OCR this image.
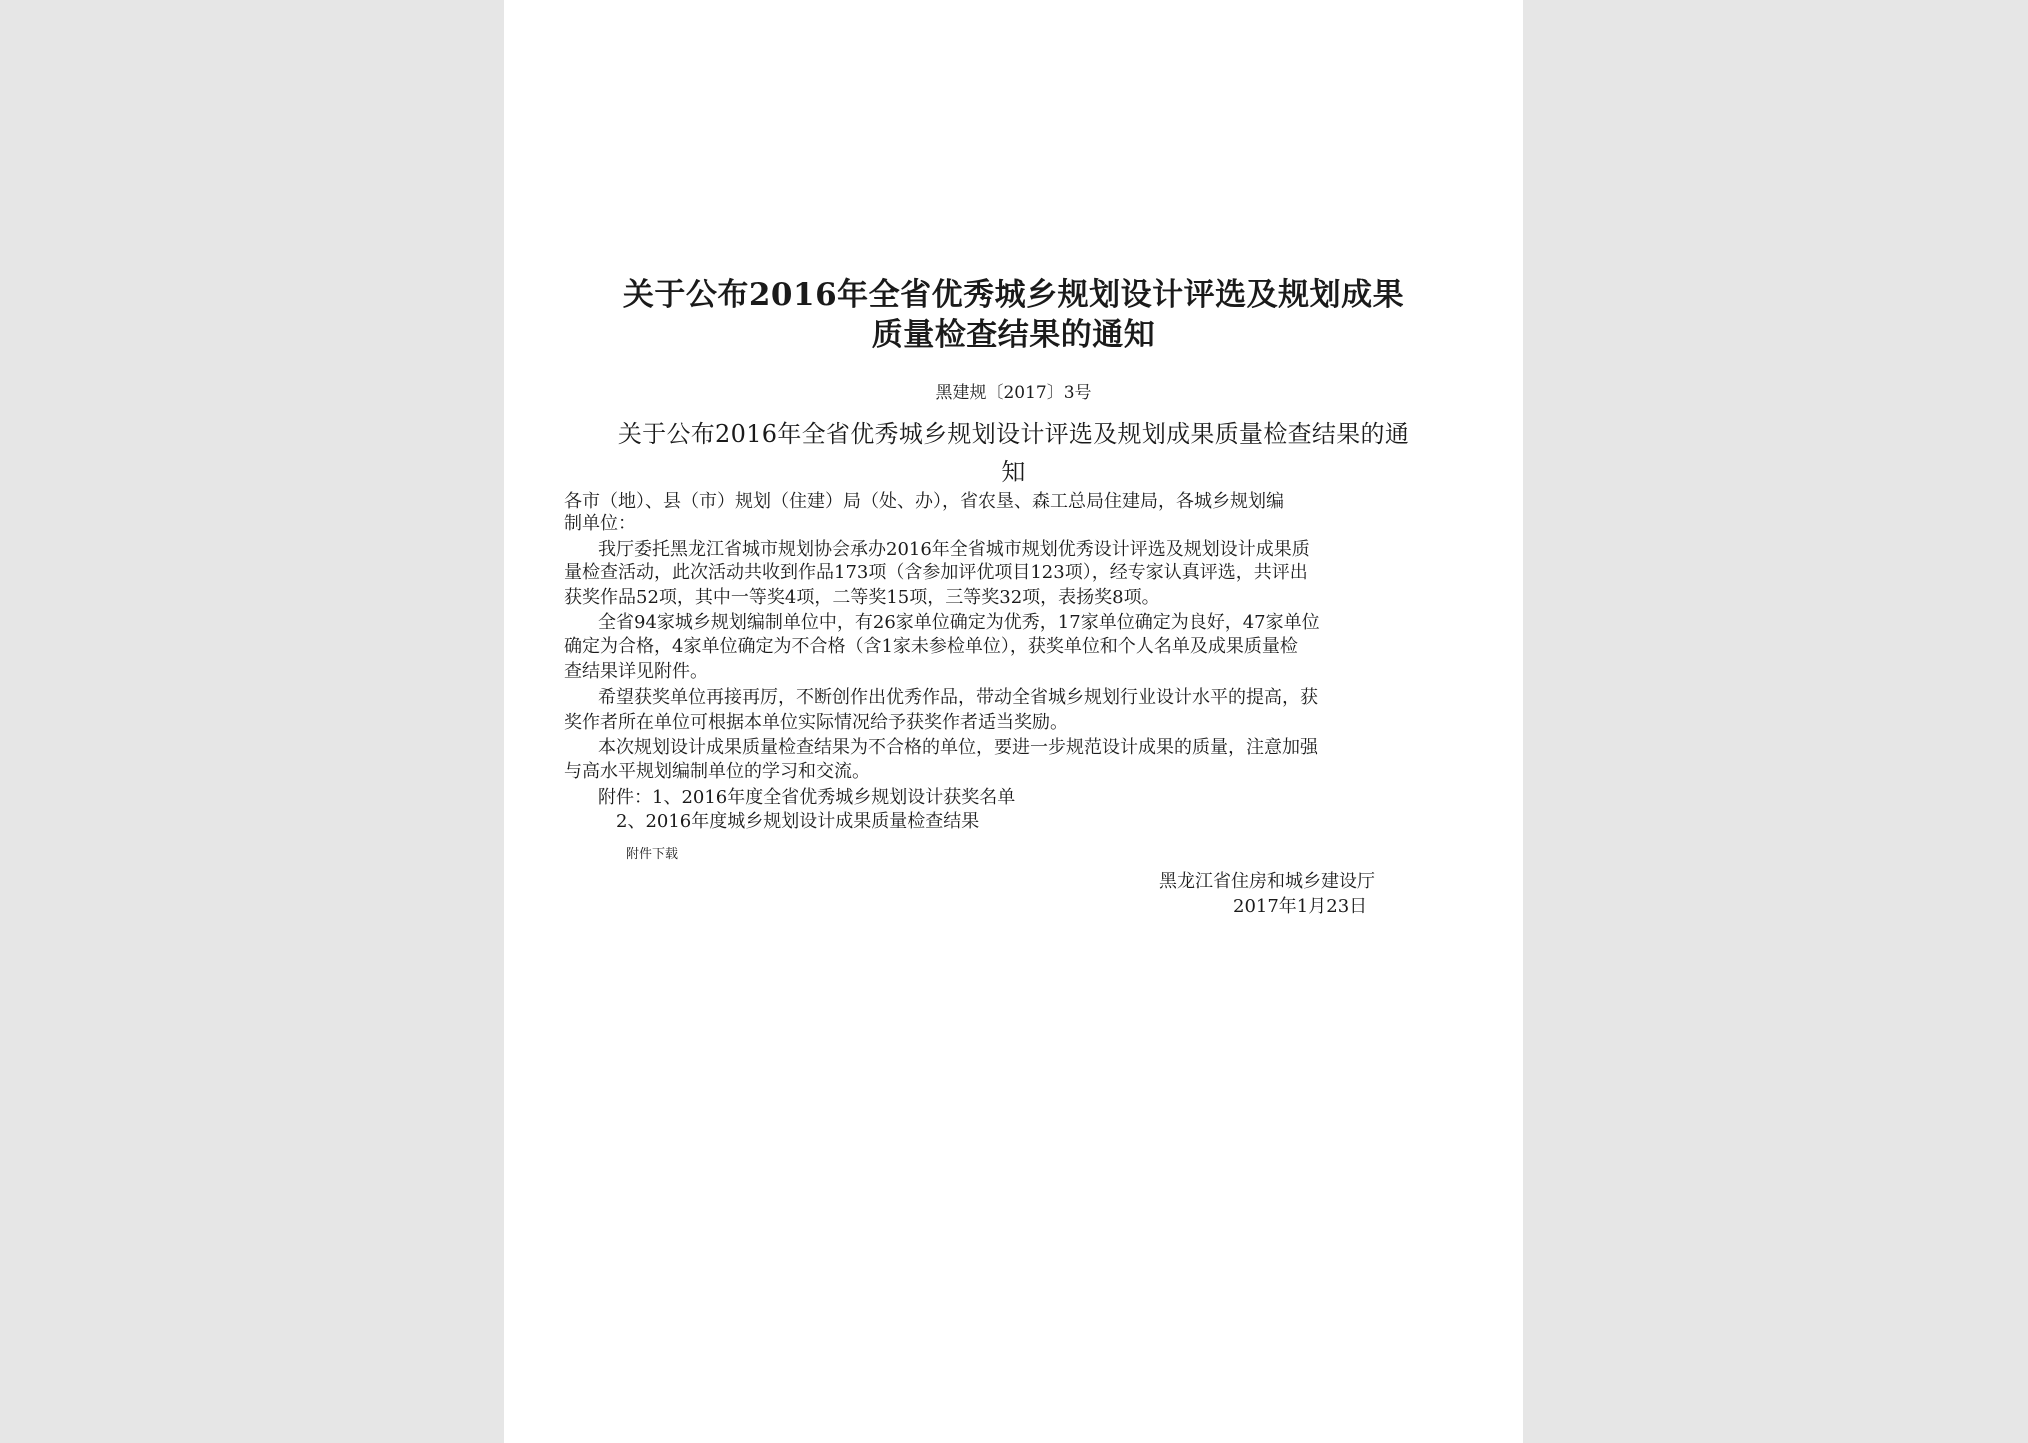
关于公布2016年全省优秀城乡规划设计评选及规划成果
质量检查结果的通知
黑建规〔2017〕3号
关于公布2016年全省优秀城乡规划设计评选及规划成果质量检查结果的通
知
各市（地）、县（市）规划（住建）局（处、办），省农垦、森工总局住建局，各城乡规划编
制单位：
我厅委托黑龙江省城市规划协会承办2016年全省城市规划优秀设计评选及规划设计成果质
量检查活动，此次活动共收到作品173项（含参加评优项目123项），经专家认真评选，共评出
获奖作品52项，其中一等奖4项，二等奖15项，三等奖32项，表扬奖8项。
全省94家城乡规划编制单位中，有26家单位确定为优秀，17家单位确定为良好，47家单位
确定为合格，4家单位确定为不合格（含1家未参检单位），获奖单位和个人名单及成果质量检
查结果详见附件。
希望获奖单位再接再厉，不断创作出优秀作品，带动全省城乡规划行业设计水平的提高，获
奖作者所在单位可根据本单位实际情况给予获奖作者适当奖励。
本次规划设计成果质量检查结果为不合格的单位，要进一步规范设计成果的质量，注意加强
与高水平规划编制单位的学习和交流。
附件：1、2016年度全省优秀城乡规划设计获奖名单
2、2016年度城乡规划设计成果质量检查结果
附件下载
黑龙江省住房和城乡建设厅
2017年1月23日
